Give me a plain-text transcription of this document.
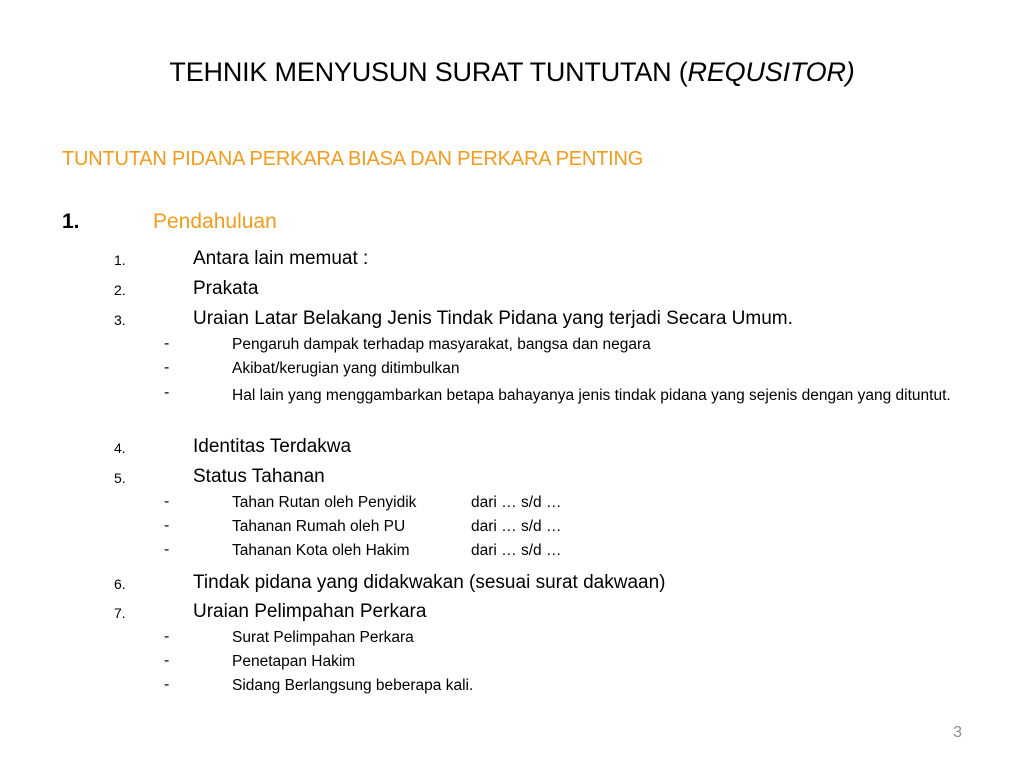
TEHNIK MENYUSUN SURAT TUNTUTAN (REQUSITOR)
TUNTUTAN PIDANA PERKARA BIASA DAN PERKARA PENTING
1.	Pendahuluan
1.	Antara lain memuat :
2.	Prakata
3.	Uraian Latar Belakang Jenis Tindak Pidana yang terjadi Secara Umum.
-	Pengaruh dampak terhadap masyarakat, bangsa dan negara
-	Akibat/kerugian yang ditimbulkan
-	Hal lain yang menggambarkan betapa bahayanya jenis tindak pidana yang sejenis dengan yang dituntut.
4.	Identitas Terdakwa
5.	Status Tahanan
-	Tahan Rutan oleh Penyidik	dari … s/d …
-	Tahanan Rumah oleh PU	dari … s/d …
-	Tahanan Kota oleh Hakim	dari … s/d …
6.	Tindak pidana yang didakwakan (sesuai surat dakwaan)
7.	Uraian Pelimpahan Perkara
-	Surat Pelimpahan Perkara
-	Penetapan Hakim
-	Sidang Berlangsung beberapa kali.
3
